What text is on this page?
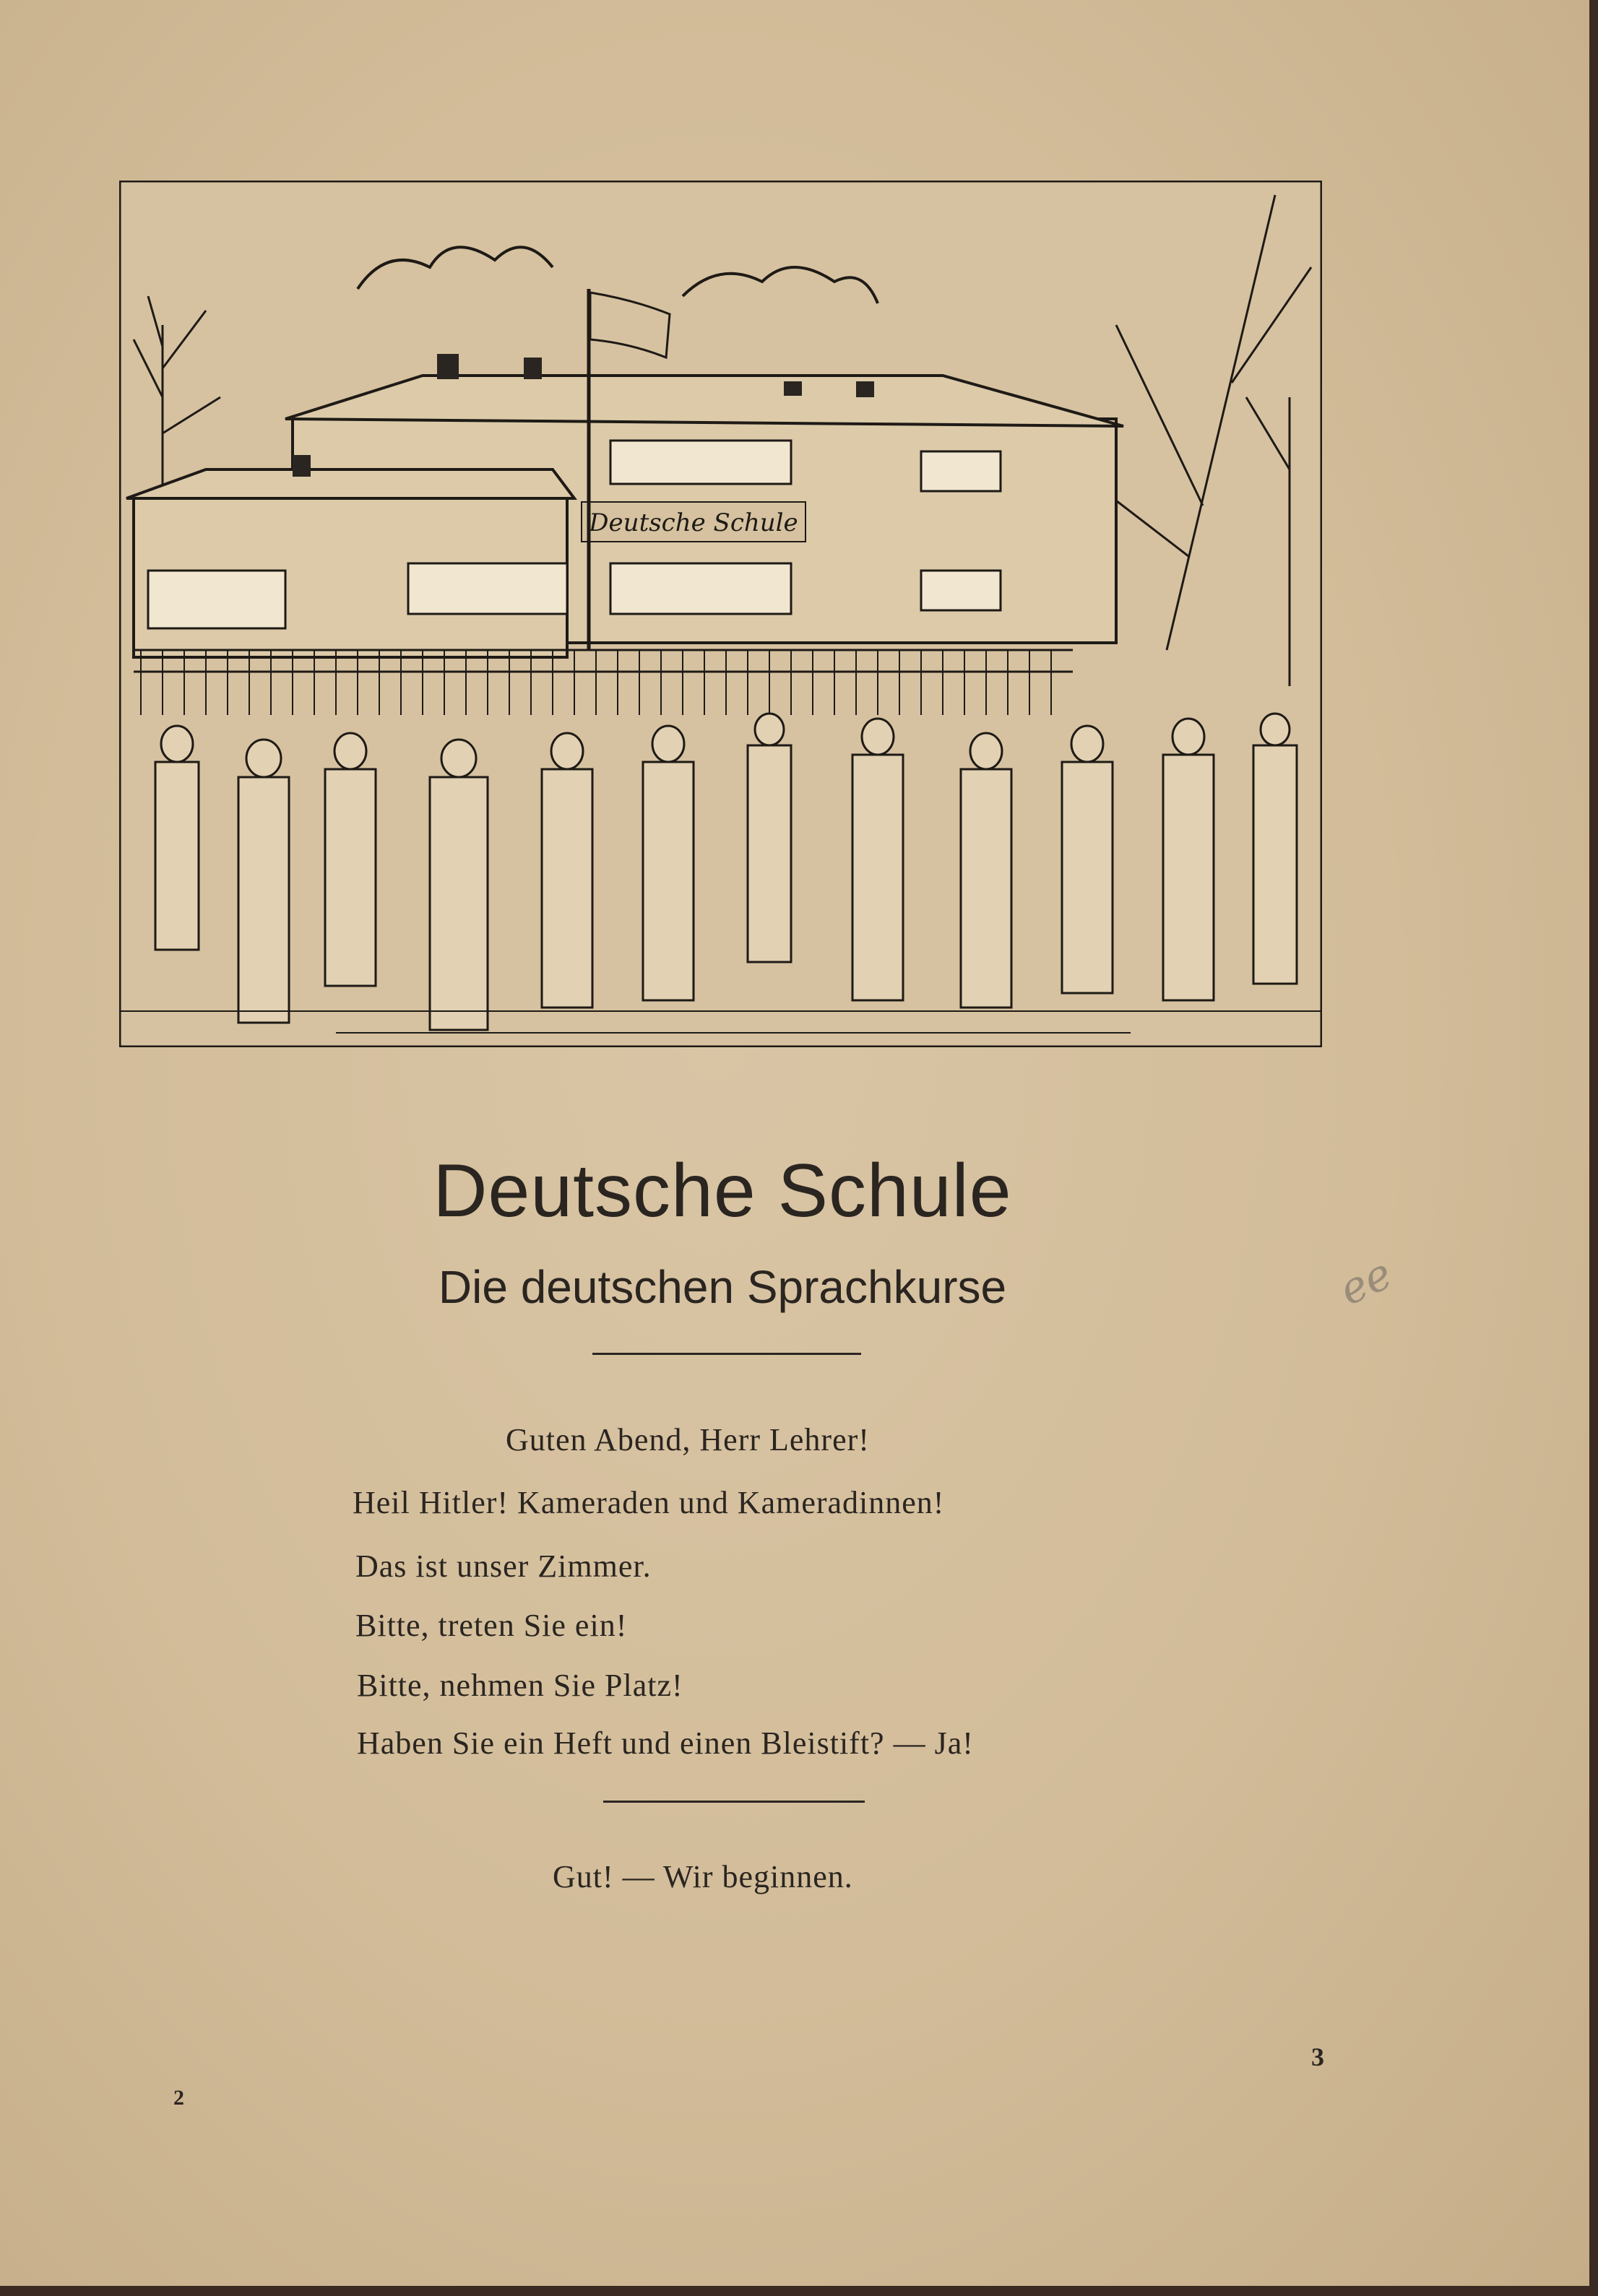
Deutsche Schule
Deutsche Schule
Die deutschen Sprachkurse
Guten Abend, Herr Lehrer!
Heil Hitler! Kameraden und Kameradinnen!
Das ist unser Zimmer.
Bitte, treten Sie ein!
Bitte, nehmen Sie Platz!
Haben Sie ein Heft und einen Bleistift? — Ja!
Gut! — Wir beginnen.
ee
2
3
